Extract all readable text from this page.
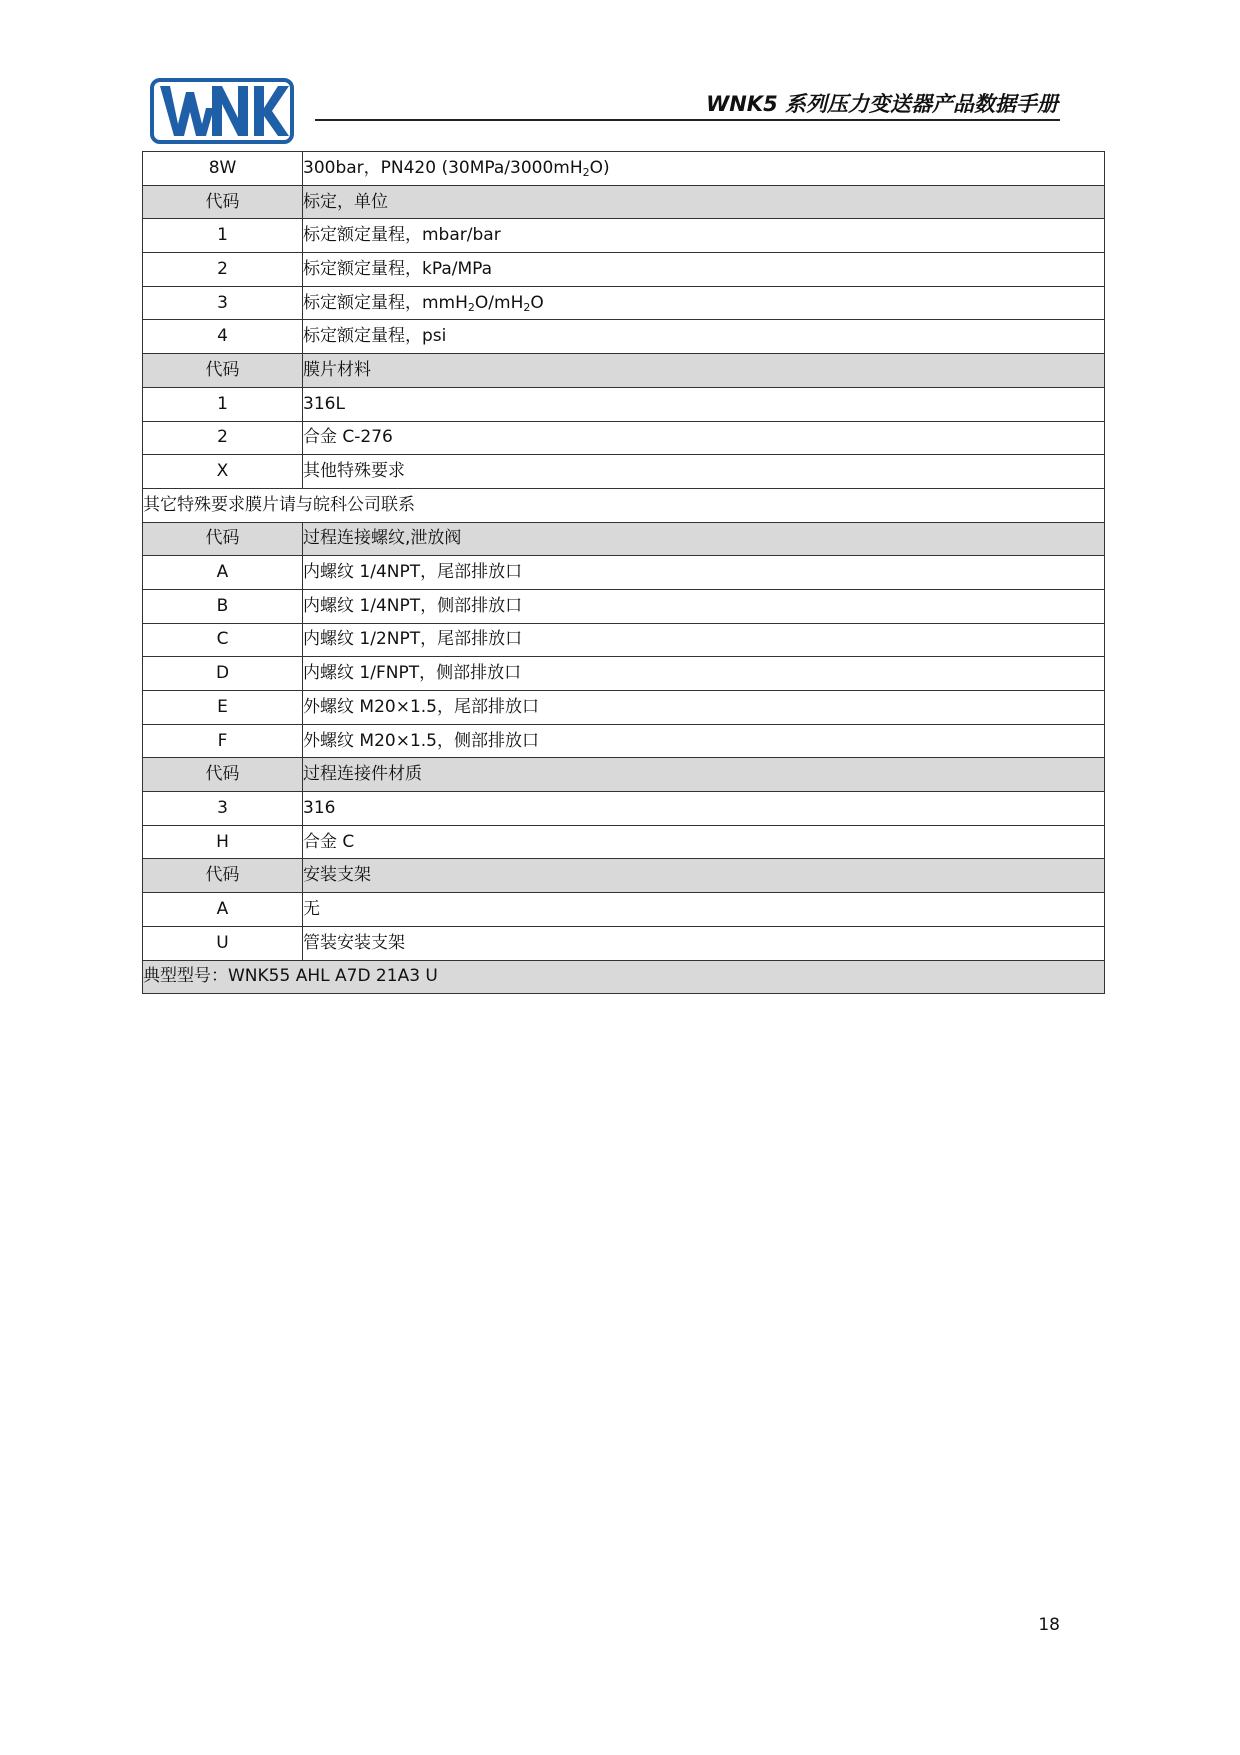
WNK5 系列压力变送器产品数据手册
8W	300bar，PN420 $(30MPa/3000mH_2O)$
代码	标定，单位
1	标定额定量程，mbar/bar
2	标定额定量程，kPa/MPa
3	标定额定量程，$mmH_2O/mH_2O$
4	标定额定量程，psi
代码	膜片材料
1	316L
2	合金 C-276
X	其他特殊要求
其它特殊要求膜片请与皖科公司联系	
代码	过程连接螺纹,泄放阀
A	内螺纹 1/4NPT，尾部排放口
B	内螺纹 1/4NPT，侧部排放口
C	内螺纹 1/2NPT，尾部排放口
D	内螺纹 1/FNPT，侧部排放口
E	外螺纹 M20×1.5，尾部排放口
F	外螺纹 M20×1.5，侧部排放口
代码	过程连接件材质
3	316
H	合金 C
代码	安装支架
A	无
U	管装安装支架
典型型号：WNK55 AHL A7D 21A3 U	
18
